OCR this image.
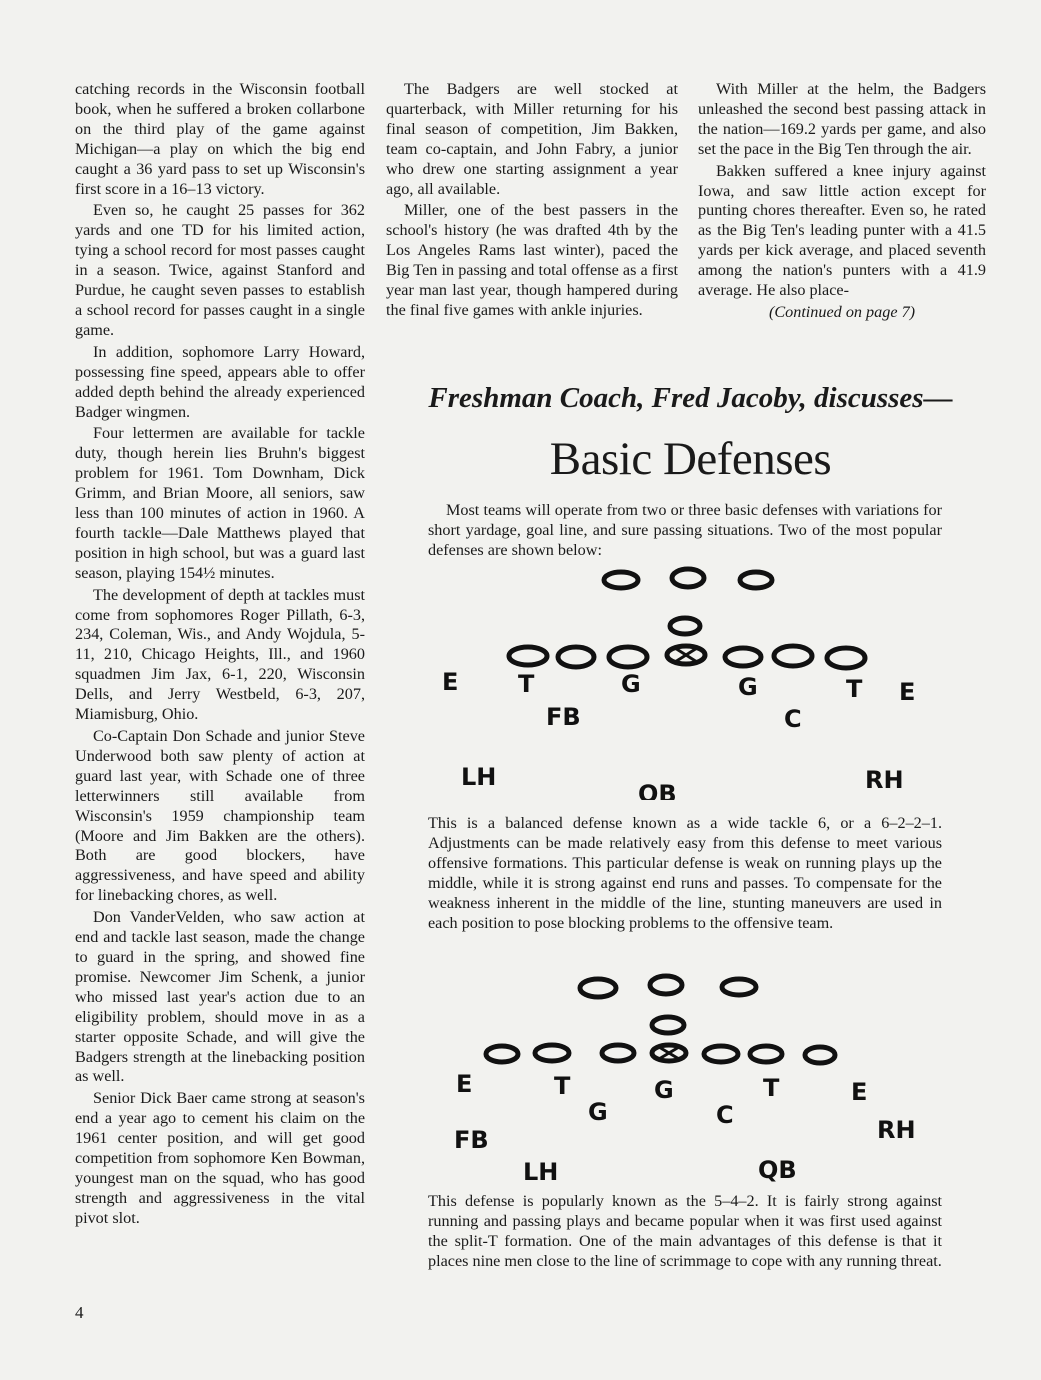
catching records in the Wisconsin football book, when he suffered a broken collarbone on the third play of the game against Michigan—a play on which the big end caught a 36 yard pass to set up Wisconsin's first score in a 16–13 victory.

Even so, he caught 25 passes for 362 yards and one TD for his limited action, tying a school record for most passes caught in a season. Twice, against Stanford and Purdue, he caught seven passes to establish a school record for passes caught in a single game.

In addition, sophomore Larry Howard, possessing fine speed, appears able to offer added depth behind the already experienced Badger wingmen.

Four lettermen are available for tackle duty, though herein lies Bruhn's biggest problem for 1961. Tom Downham, Dick Grimm, and Brian Moore, all seniors, saw less than 100 minutes of action in 1960. A fourth tackle—Dale Matthews played that position in high school, but was a guard last season, playing 154½ minutes.

The development of depth at tackles must come from sophomores Roger Pillath, 6-3, 234, Coleman, Wis., and Andy Wojdula, 5-11, 210, Chicago Heights, Ill., and 1960 squadmen Jim Jax, 6-1, 220, Wisconsin Dells, and Jerry Westbeld, 6-3, 207, Miamisburg, Ohio.

Co-Captain Don Schade and junior Steve Underwood both saw plenty of action at guard last year, with Schade one of three letterwinners still available from Wisconsin's 1959 championship team (Moore and Jim Bakken are the others). Both are good blockers, have aggressiveness, and have speed and ability for linebacking chores, as well.

Don VanderVelden, who saw action at end and tackle last season, made the change to guard in the spring, and showed fine promise. Newcomer Jim Schenk, a junior who missed last year's action due to an eligibility problem, should move in as a starter opposite Schade, and will give the Badgers strength at the linebacking position as well.

Senior Dick Baer came strong at season's end a year ago to cement his claim on the 1961 center position, and will get good competition from sophomore Ken Bowman, youngest man on the squad, who has good strength and aggressiveness in the vital pivot slot.

The Badgers are well stocked at quarterback, with Miller returning for his final season of competition, Jim Bakken, team co-captain, and John Fabry, a junior who drew one starting assignment a year ago, all available.

Miller, one of the best passers in the school's history (he was drafted 4th by the Los Angeles Rams last winter), paced the Big Ten in passing and total offense as a first year man last year, though hampered during the final five games with ankle injuries.

With Miller at the helm, the Badgers unleashed the second best passing attack in the nation—169.2 yards per game, and also set the pace in the Big Ten through the air.

Bakken suffered a knee injury against Iowa, and saw little action except for punting chores thereafter. Even so, he rated as the Big Ten's leading punter with a 41.5 yards per kick average, and placed seventh among the nation's punters with a 41.9 average. He also place-

(Continued on page 7)

Freshman Coach, Fred Jacoby, discusses—
Basic Defenses

Most teams will operate from two or three basic defenses with variations for short yardage, goal line, and sure passing situations. Two of the most popular defenses are shown below:

E T	G	G	T E
FB	C
LH	RH
QB

This is a balanced defense known as a wide tackle 6, or a 6–2–2–1. Adjustments can be made relatively easy from this defense to meet various offensive formations. This particular defense is weak on running plays up the middle, while it is strong against end runs and passes. To compensate for the weakness inherent in the middle of the line, stunting maneuvers are used in each position to pose blocking problems to the offensive team.

E	T	G	T	E
G	C
FB	RH
LH	QB

This defense is popularly known as the 5–4–2. It is fairly strong against running and passing plays and became popular when it was first used against the split-T formation. One of the main advantages of this defense is that it places nine men close to the line of scrimmage to cope with any running threat.

4
